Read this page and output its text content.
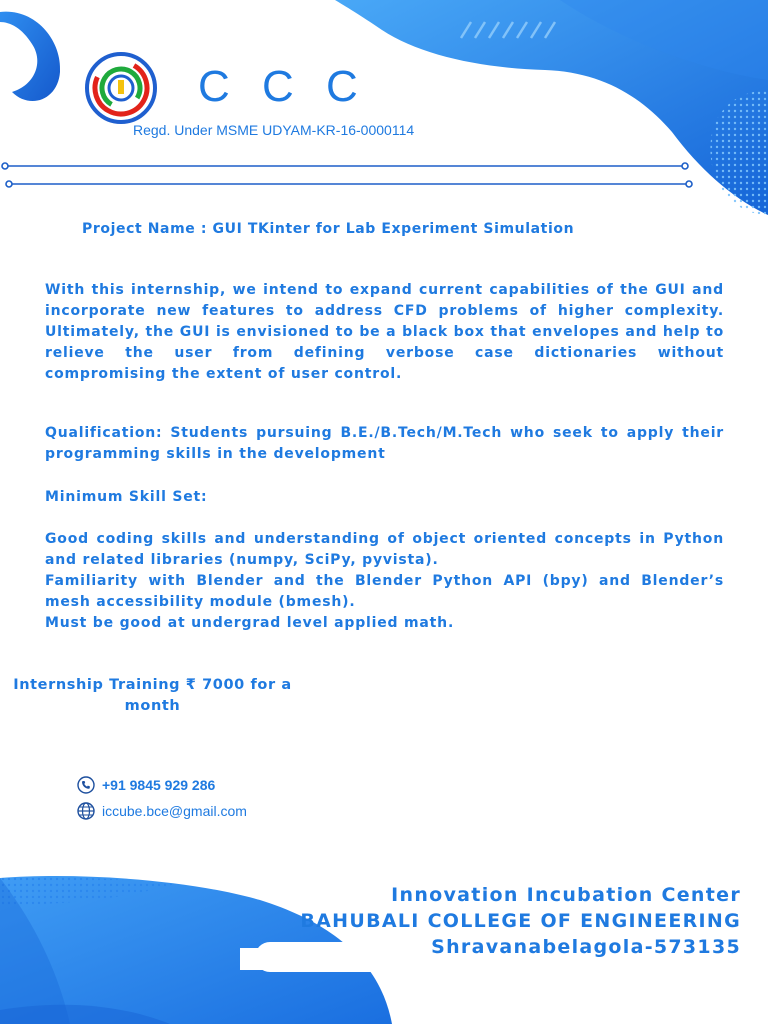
C C C
Regd. Under MSME UDYAM-KR-16-0000114
Project Name : GUI TKinter for Lab Experiment Simulation

With this internship, we intend to expand current capabilities of the GUI and incorporate new features to address CFD problems of higher complexity. Ultimately, the GUI is envisioned to be a black box that envelopes and help to relieve the user from defining verbose case dictionaries without compromising the extent of user control.

Qualification: Students pursuing B.E./B.Tech/M.Tech who seek to apply their programming skills in the development

Minimum Skill Set:

Good coding skills and understanding of object oriented concepts in Python and related libraries (numpy, SciPy, pyvista).

Familiarity with Blender and the Blender Python API (bpy) and Blender’s mesh accessibility module (bmesh).

Must be good at undergrad level applied math.

Internship Training ₹ 7000 for a
month
+91 9845 929 286
iccube.bce@gmail.com
Innovation Incubation Center
BAHUBALI COLLEGE OF ENGINEERING
Shravanabelagola-573135
